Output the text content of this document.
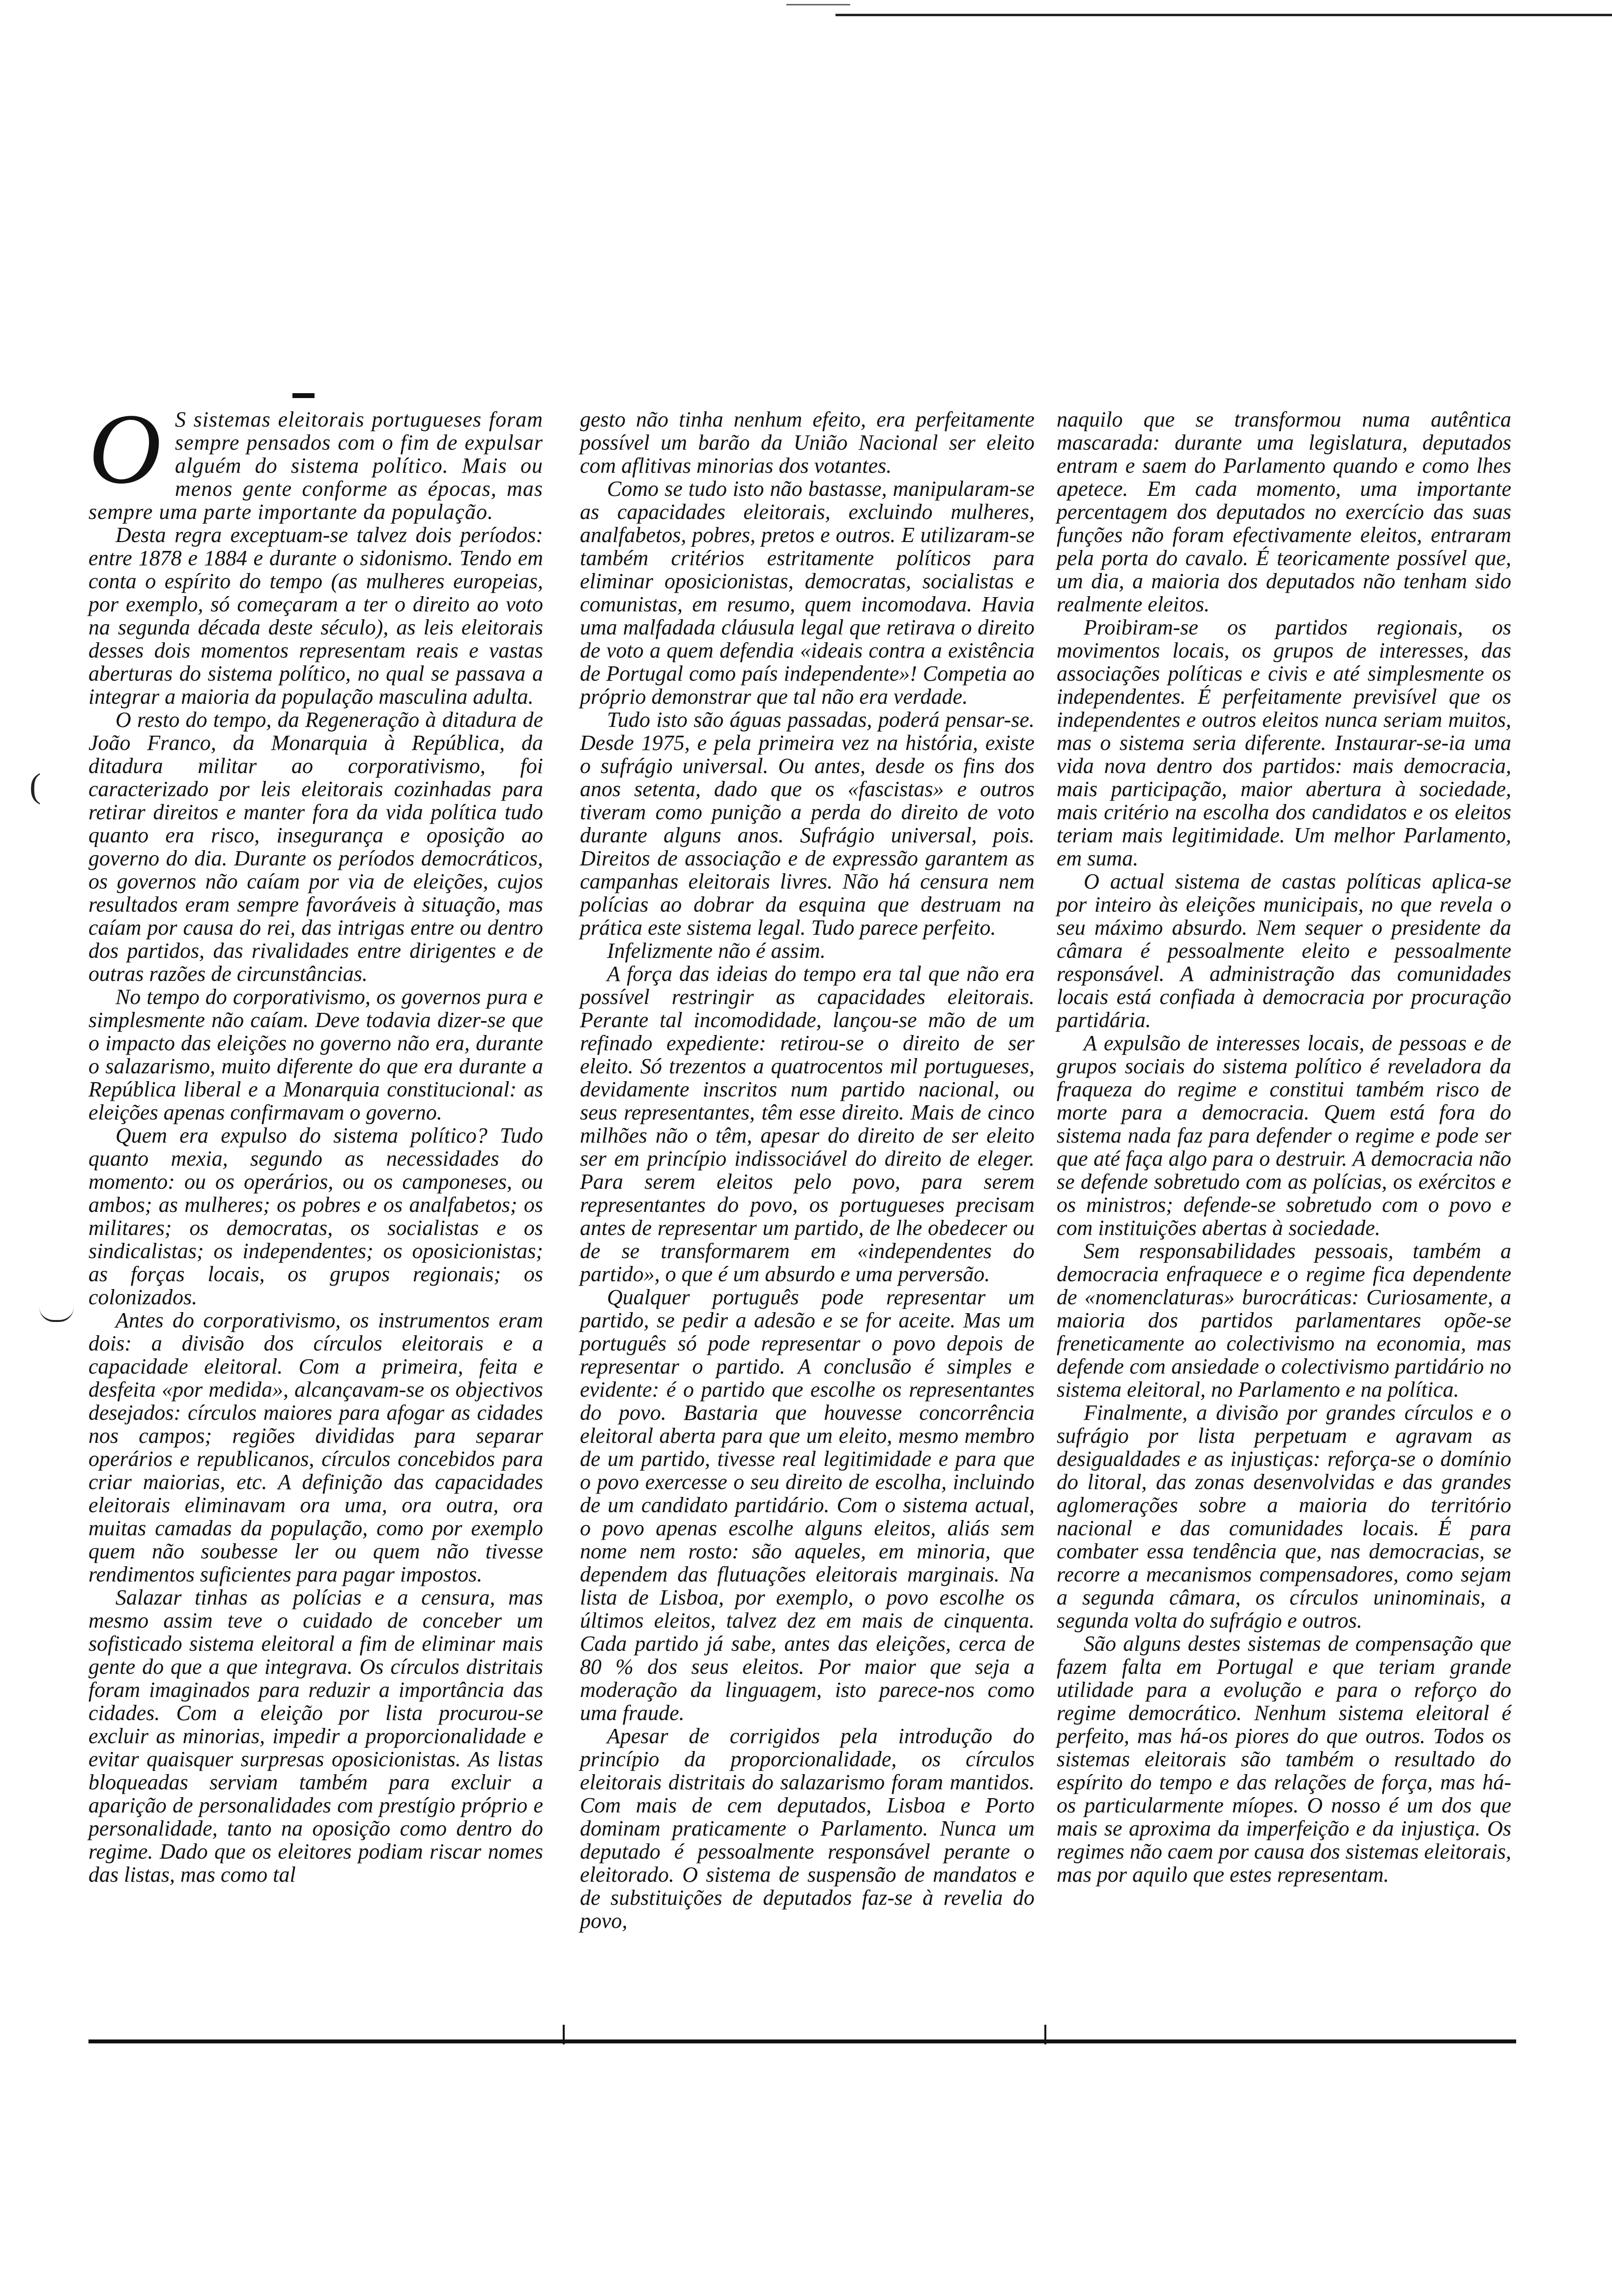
(

O S sistemas eleitorais portugueses foram sempre pensados com o fim de expulsar alguém do sistema político. Mais ou menos gente conforme as épocas, mas sempre uma parte importante da população.

Desta regra exceptuam-se talvez dois períodos: entre 1878 e 1884 e durante o sidonismo. Tendo em conta o espírito do tempo (as mulheres europeias, por exemplo, só começaram a ter o direito ao voto na segunda década deste século), as leis eleitorais desses dois momentos representam reais e vastas aberturas do sistema político, no qual se passava a integrar a maioria da população masculina adulta.

O resto do tempo, da Regeneração à ditadura de João Franco, da Monarquia à República, da ditadura militar ao corporativismo, foi caracterizado por leis eleitorais cozinhadas para retirar direitos e manter fora da vida política tudo quanto era risco, insegurança e oposição ao governo do dia. Durante os períodos democráticos, os governos não caíam por via de eleições, cujos resultados eram sempre favoráveis à situação, mas caíam por causa do rei, das intrigas entre ou dentro dos partidos, das rivalidades entre dirigentes e de outras razões de circunstâncias.

No tempo do corporativismo, os governos pura e simplesmente não caíam. Deve todavia dizer-se que o impacto das eleições no governo não era, durante o salazarismo, muito diferente do que era durante a República liberal e a Monarquia constitucional: as eleições apenas confirmavam o governo.

Quem era expulso do sistema político? Tudo quanto mexia, segundo as necessidades do momento: ou os operários, ou os camponeses, ou ambos; as mulheres; os pobres e os analfabetos; os militares; os democratas, os socialistas e os sindicalistas; os independentes; os oposicionistas; as forças locais, os grupos regionais; os colonizados.

Antes do corporativismo, os instrumentos eram dois: a divisão dos círculos eleitorais e a capacidade eleitoral. Com a primeira, feita e desfeita «por medida», alcançavam-se os objectivos desejados: círculos maiores para afogar as cidades nos campos; regiões divididas para separar operários e republicanos, círculos concebidos para criar maiorias, etc. A definição das capacidades eleitorais eliminavam ora uma, ora outra, ora muitas camadas da população, como por exemplo quem não soubesse ler ou quem não tivesse rendimentos suficientes para pagar impostos.

Salazar tinhas as polícias e a censura, mas mesmo assim teve o cuidado de conceber um sofisticado sistema eleitoral a fim de eliminar mais gente do que a que integrava. Os círculos distritais foram imaginados para reduzir a importância das cidades. Com a eleição por lista procurou-se excluir as minorias, impedir a proporcionalidade e evitar quaisquer surpresas oposicionistas. As listas bloqueadas serviam também para excluir a aparição de personalidades com prestígio próprio e personalidade, tanto na oposição como dentro do regime. Dado que os eleitores podiam riscar nomes das listas, mas como tal

gesto não tinha nenhum efeito, era perfeitamente possível um barão da União Nacional ser eleito com aflitivas minorias dos votantes.

Como se tudo isto não bastasse, manipularam-se as capacidades eleitorais, excluindo mulheres, analfabetos, pobres, pretos e outros. E utilizaram-se também critérios estritamente políticos para eliminar oposicionistas, democratas, socialistas e comunistas, em resumo, quem incomodava. Havia uma malfadada cláusula legal que retirava o direito de voto a quem defendia «ideais contra a existência de Portugal como país independente»! Competia ao próprio demonstrar que tal não era verdade.

Tudo isto são águas passadas, poderá pensar-se. Desde 1975, e pela primeira vez na história, existe o sufrágio universal. Ou antes, desde os fins dos anos setenta, dado que os «fascistas» e outros tiveram como punição a perda do direito de voto durante alguns anos. Sufrágio universal, pois. Direitos de associação e de expressão garantem as campanhas eleitorais livres. Não há censura nem polícias ao dobrar da esquina que destruam na prática este sistema legal. Tudo parece perfeito.

Infelizmente não é assim.

A força das ideias do tempo era tal que não era possível restringir as capacidades eleitorais. Perante tal incomodidade, lançou-se mão de um refinado expediente: retirou-se o direito de ser eleito. Só trezentos a quatrocentos mil portugueses, devidamente inscritos num partido nacional, ou seus representantes, têm esse direito. Mais de cinco milhões não o têm, apesar do direito de ser eleito ser em princípio indissociável do direito de eleger. Para serem eleitos pelo povo, para serem representantes do povo, os portugueses precisam antes de representar um partido, de lhe obedecer ou de se transformarem em «independentes do partido», o que é um absurdo e uma perversão.

Qualquer português pode representar um partido, se pedir a adesão e se for aceite. Mas um português só pode representar o povo depois de representar o partido. A conclusão é simples e evidente: é o partido que escolhe os representantes do povo. Bastaria que houvesse concorrência eleitoral aberta para que um eleito, mesmo membro de um partido, tivesse real legitimidade e para que o povo exercesse o seu direito de escolha, incluindo de um candidato partidário. Com o sistema actual, o povo apenas escolhe alguns eleitos, aliás sem nome nem rosto: são aqueles, em minoria, que dependem das flutuações eleitorais marginais. Na lista de Lisboa, por exemplo, o povo escolhe os últimos eleitos, talvez dez em mais de cinquenta. Cada partido já sabe, antes das eleições, cerca de 80 % dos seus eleitos. Por maior que seja a moderação da linguagem, isto parece-nos como uma fraude.

Apesar de corrigidos pela introdução do princípio da proporcionalidade, os círculos eleitorais distritais do salazarismo foram mantidos. Com mais de cem deputados, Lisboa e Porto dominam praticamente o Parlamento. Nunca um deputado é pessoalmente responsável perante o eleitorado. O sistema de suspensão de mandatos e de substituições de deputados faz-se à revelia do povo,

naquilo que se transformou numa autêntica mascarada: durante uma legislatura, deputados entram e saem do Parlamento quando e como lhes apetece. Em cada momento, uma importante percentagem dos deputados no exercício das suas funções não foram efectivamente eleitos, entraram pela porta do cavalo. É teoricamente possível que, um dia, a maioria dos deputados não tenham sido realmente eleitos.

Proibiram-se os partidos regionais, os movimentos locais, os grupos de interesses, das associações políticas e civis e até simplesmente os independentes. É perfeitamente previsível que os independentes e outros eleitos nunca seriam muitos, mas o sistema seria diferente. Instaurar-se-ia uma vida nova dentro dos partidos: mais democracia, mais participação, maior abertura à sociedade, mais critério na escolha dos candidatos e os eleitos teriam mais legitimidade. Um melhor Parlamento, em suma.

O actual sistema de castas políticas aplica-se por inteiro às eleições municipais, no que revela o seu máximo absurdo. Nem sequer o presidente da câmara é pessoalmente eleito e pessoalmente responsável. A administração das comunidades locais está confiada à democracia por procuração partidária.

A expulsão de interesses locais, de pessoas e de grupos sociais do sistema político é reveladora da fraqueza do regime e constitui também risco de morte para a democracia. Quem está fora do sistema nada faz para defender o regime e pode ser que até faça algo para o destruir. A democracia não se defende sobretudo com as polícias, os exércitos e os ministros; defende-se sobretudo com o povo e com instituições abertas à sociedade.

Sem responsabilidades pessoais, também a democracia enfraquece e o regime fica dependente de «nomenclaturas» burocráticas: Curiosamente, a maioria dos partidos parlamentares opõe-se freneticamente ao colectivismo na economia, mas defende com ansiedade o colectivismo partidário no sistema eleitoral, no Parlamento e na política.

Finalmente, a divisão por grandes círculos e o sufrágio por lista perpetuam e agravam as desigualdades e as injustiças: reforça-se o domínio do litoral, das zonas desenvolvidas e das grandes aglomerações sobre a maioria do território nacional e das comunidades locais. É para combater essa tendência que, nas democracias, se recorre a mecanismos compensadores, como sejam a segunda câmara, os círculos uninominais, a segunda volta do sufrágio e outros.

São alguns destes sistemas de compensação que fazem falta em Portugal e que teriam grande utilidade para a evolução e para o reforço do regime democrático. Nenhum sistema eleitoral é perfeito, mas há-os piores do que outros. Todos os sistemas eleitorais são também o resultado do espírito do tempo e das relações de força, mas há-os particularmente míopes. O nosso é um dos que mais se aproxima da imperfeição e da injustiça. Os regimes não caem por causa dos sistemas eleitorais, mas por aquilo que estes representam.
